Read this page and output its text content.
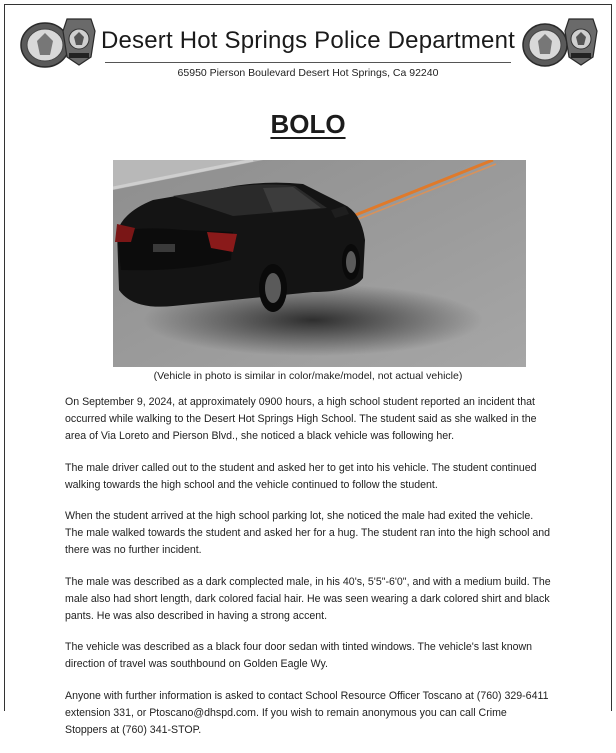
Desert Hot Springs Police Department
65950 Pierson Boulevard Desert Hot Springs, Ca 92240
BOLO
(Vehicle in photo is similar in color/make/model, not actual vehicle)

On September 9, 2024, at approximately 0900 hours, a high school student reported an incident that occurred while walking to the Desert Hot Springs High School. The student said as she walked in the area of Via Loreto and Pierson Blvd., she noticed a black vehicle was following her.

The male driver called out to the student and asked her to get into his vehicle. The student continued walking towards the high school and the vehicle continued to follow the student.

When the student arrived at the high school parking lot, she noticed the male had exited the vehicle. The male walked towards the student and asked her for a hug. The student ran into the high school and there was no further incident.

The male was described as a dark complected male, in his 40's, 5'5"-6'0", and with a medium build. The male also had short length, dark colored facial hair. He was seen wearing a dark colored shirt and black pants. He was also described in having a strong accent.

The vehicle was described as a black four door sedan with tinted windows. The vehicle's last known direction of travel was southbound on Golden Eagle Wy.

Anyone with further information is asked to contact School Resource Officer Toscano at (760) 329-6411 extension 331, or Ptoscano@dhspd.com. If you wish to remain anonymous you can call Crime Stoppers at (760) 341-STOP.
